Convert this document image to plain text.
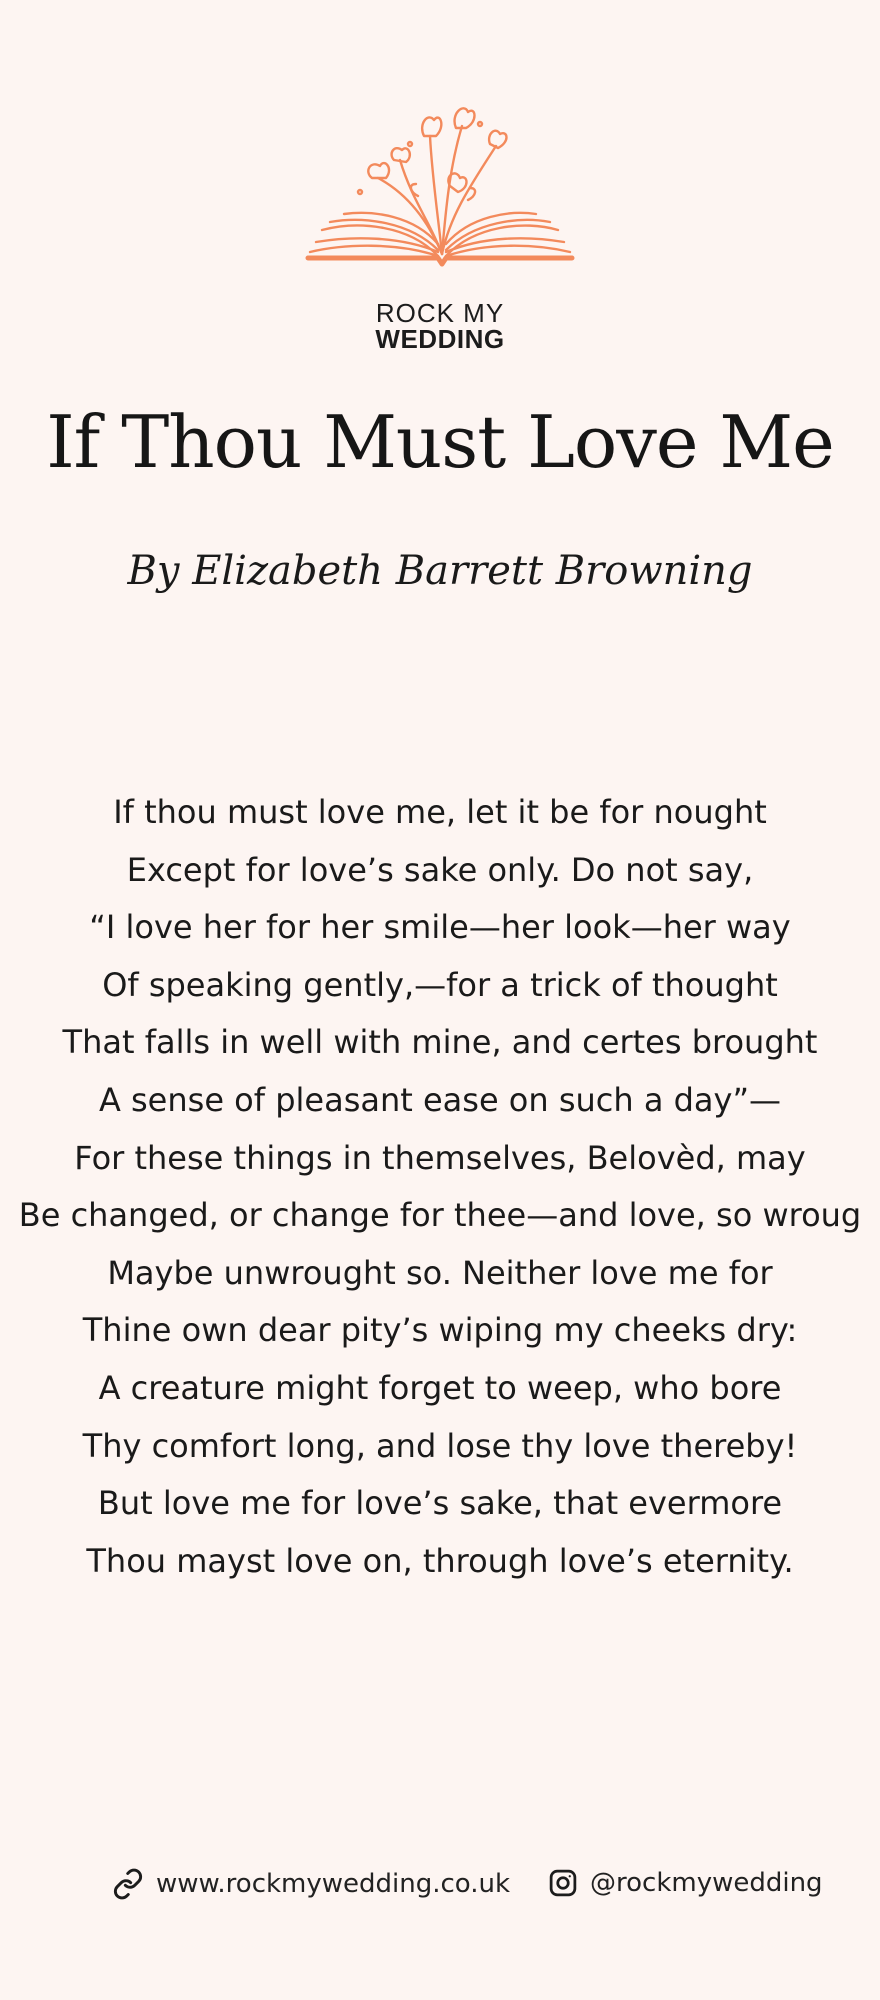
ROCK MY
WEDDING
If Thou Must Love Me
By Elizabeth Barrett Browning
If thou must love me, let it be for nought
Except for love’s sake only. Do not say,
“I love her for her smile—her look—her way
Of speaking gently,—for a trick of thought
That falls in well with mine, and certes brought
A sense of pleasant ease on such a day”—
For these things in themselves, Belovèd, may
Be changed, or change for thee—and love, so wroug
Maybe unwrought so. Neither love me for
Thine own dear pity’s wiping my cheeks dry:
A creature might forget to weep, who bore
Thy comfort long, and lose thy love thereby!
But love me for love’s sake, that evermore
Thou mayst love on, through love’s eternity.
www.rockmywedding.co.uk	@rockmywedding
